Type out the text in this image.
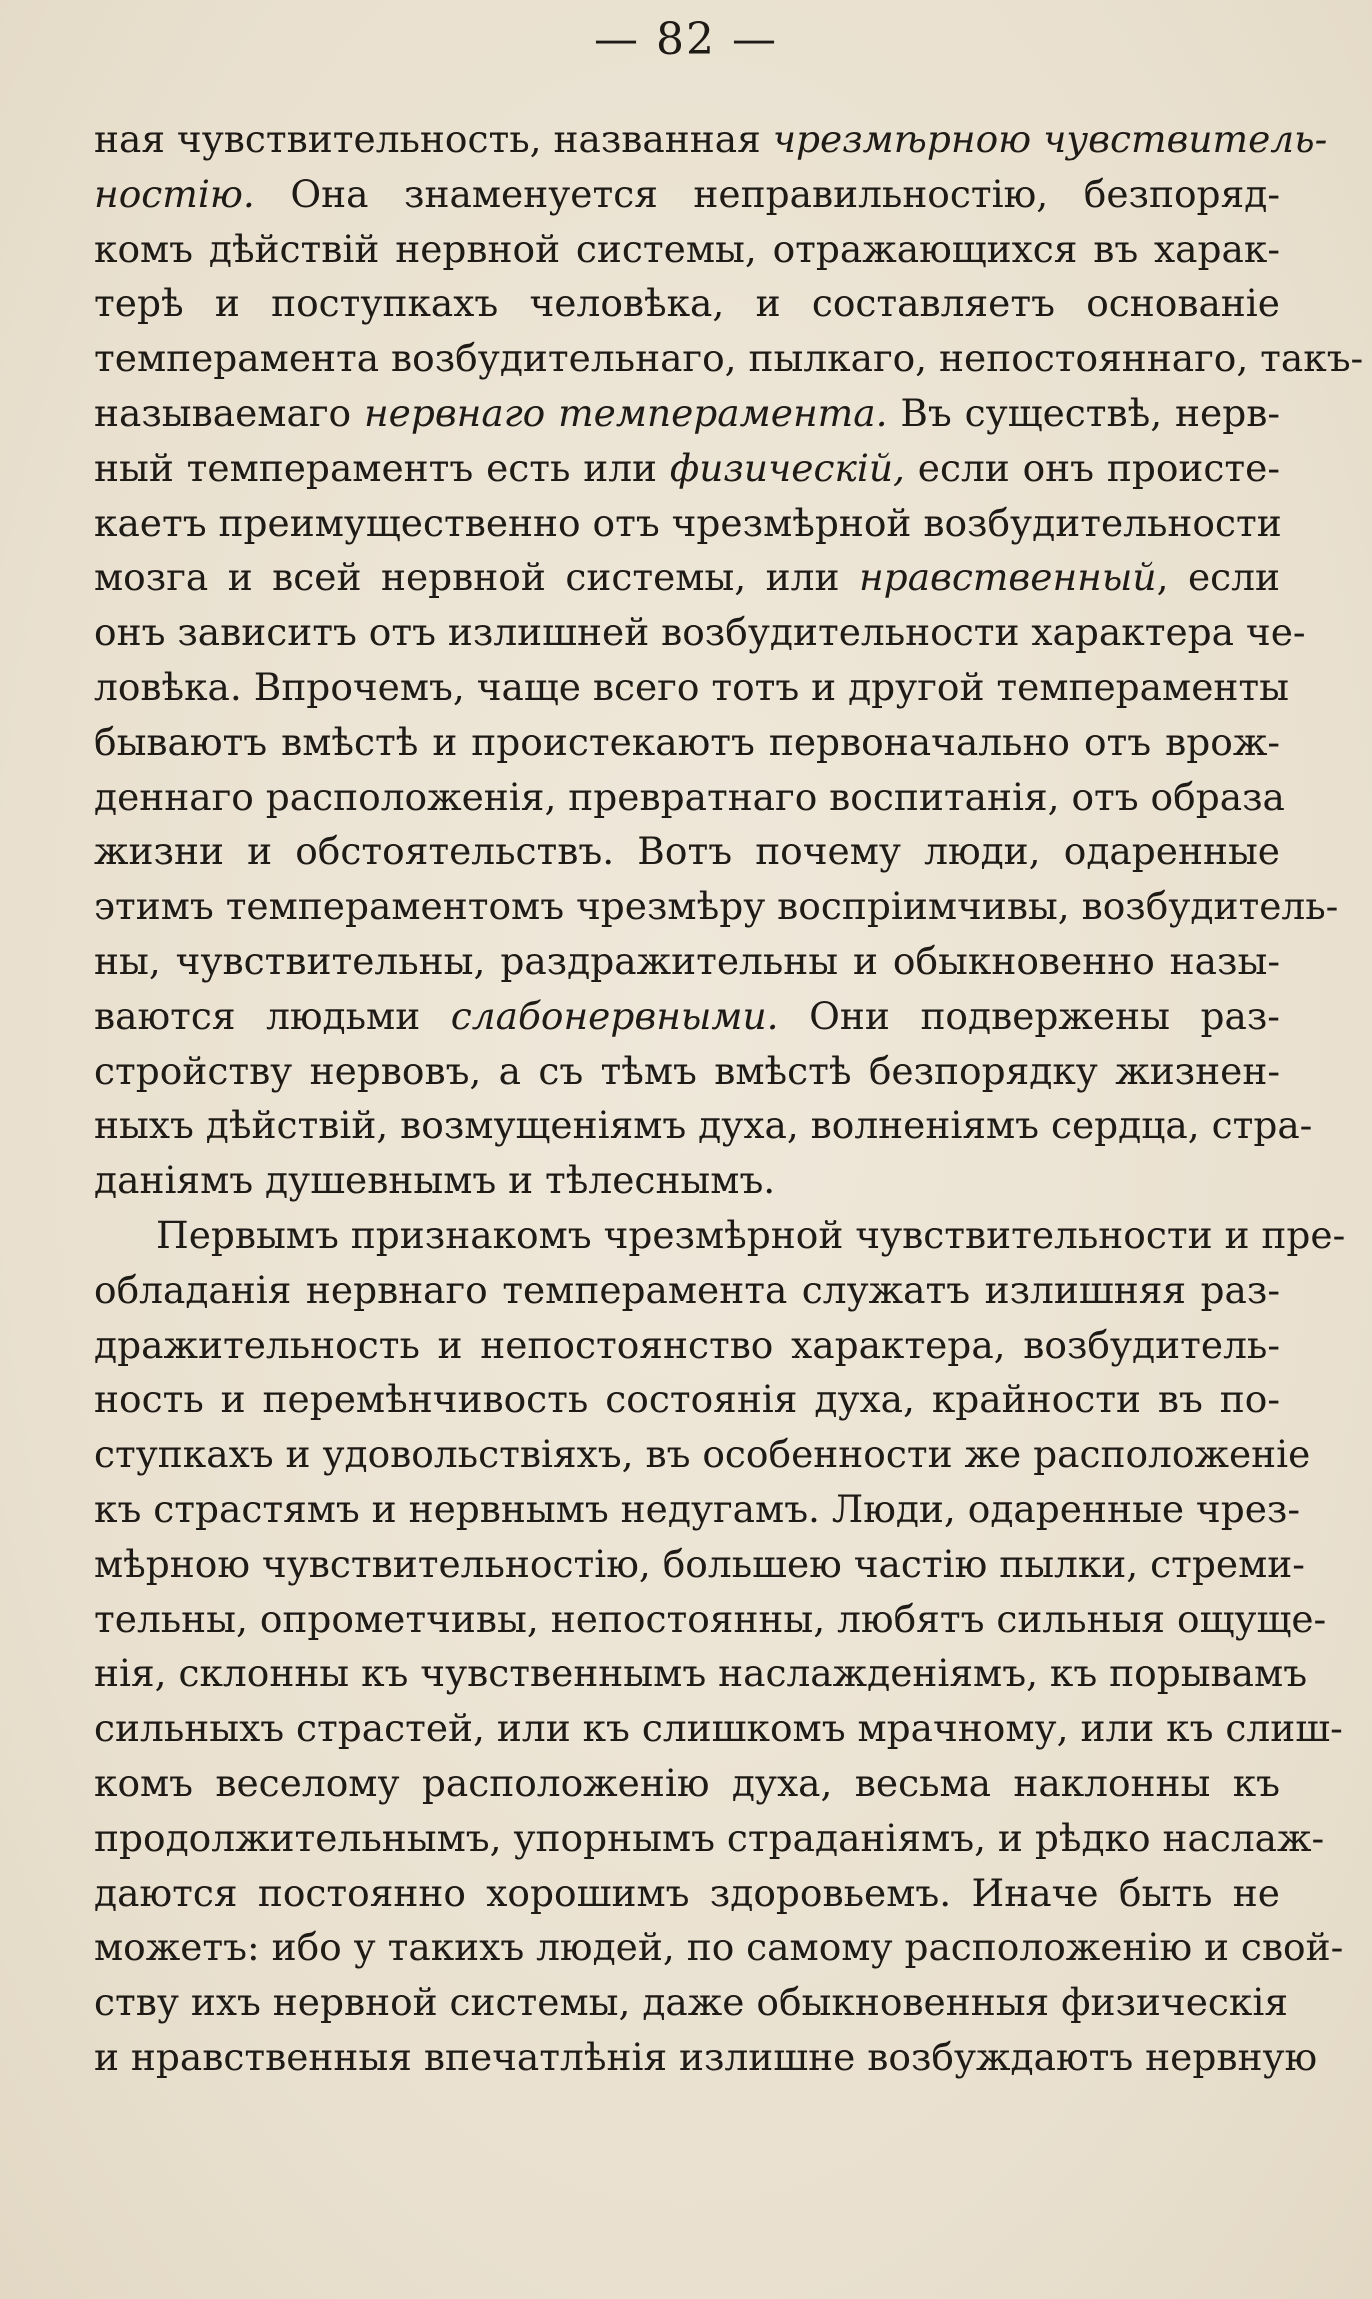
— 82 —
ная чувствительность, названная чрезмѣрною чувствитель-
ностію. Она знаменуется неправильностію, безпоряд-
комъ дѣйствій нервной системы, отражающихся въ харак-
терѣ и поступкахъ человѣка, и составляетъ основаніе
темперамента возбудительнаго, пылкаго, непостояннаго, такъ-
называемаго нервнаго темперамента. Въ существѣ, нерв-
ный темпераментъ есть или физическій, если онъ происте-
каетъ преимущественно отъ чрезмѣрной возбудительности
мозга и всей нервной системы, или нравственный, если
онъ зависитъ отъ излишней возбудительности характера че-
ловѣка. Впрочемъ, чаще всего тотъ и другой темпераменты
бываютъ вмѣстѣ и проистекаютъ первоначально отъ врож-
деннаго расположенія, превратнаго воспитанія, отъ образа
жизни и обстоятельствъ. Вотъ почему люди, одаренные
этимъ темпераментомъ чрезмѣру воспріимчивы, возбудитель-
ны, чувствительны, раздражительны и обыкновенно назы-
ваются людьми слабонервными. Они подвержены раз-
стройству нервовъ, а съ тѣмъ вмѣстѣ безпорядку жизнен-
ныхъ дѣйствій, возмущеніямъ духа, волненіямъ сердца, стра-
даніямъ душевнымъ и тѣлеснымъ.
Первымъ признакомъ чрезмѣрной чувствительности и пре-
обладанія нервнаго темперамента служатъ излишняя раз-
дражительность и непостоянство характера, возбудитель-
ность и перемѣнчивость состоянія духа, крайности въ по-
ступкахъ и удовольствіяхъ, въ особенности же расположеніе
къ страстямъ и нервнымъ недугамъ. Люди, одаренные чрез-
мѣрною чувствительностію, большею частію пылки, стреми-
тельны, опрометчивы, непостоянны, любятъ сильныя ощуще-
нія, склонны къ чувственнымъ наслажденіямъ, къ порывамъ
сильныхъ страстей, или къ слишкомъ мрачному, или къ слиш-
комъ веселому расположенію духа, весьма наклонны къ
продолжительнымъ, упорнымъ страданіямъ, и рѣдко наслаж-
даются постоянно хорошимъ здоровьемъ. Иначе быть не
можетъ: ибо у такихъ людей, по самому расположенію и свой-
ству ихъ нервной системы, даже обыкновенныя физическія
и нравственныя впечатлѣнія излишне возбуждаютъ нервную
